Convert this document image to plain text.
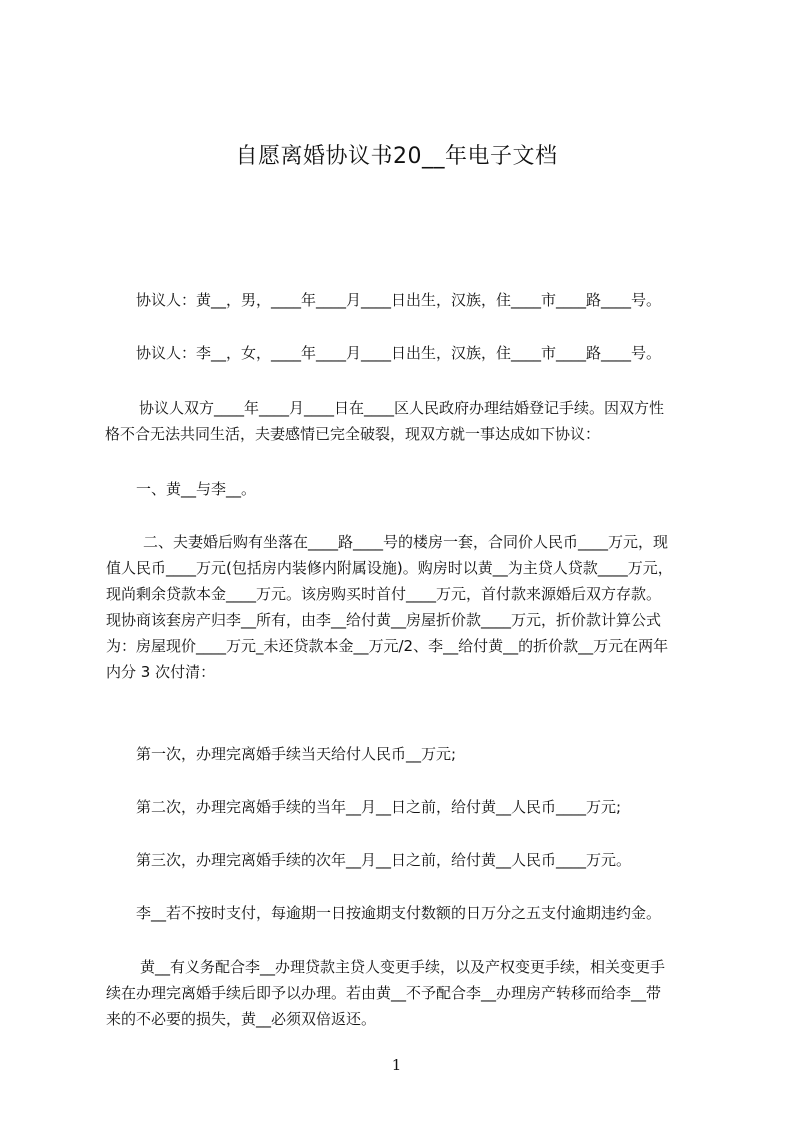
自愿离婚协议书20__年电子文档
协议人：黄__，男，____年____月____日出生，汉族，住____市____路____号。
协议人：李__，女，____年____月____日出生，汉族，住____市____路____号。
协议人双方____年____月____日在____区人民政府办理结婚登记手续。因双方性
格不合无法共同生活，夫妻感情已完全破裂，现双方就一事达成如下协议：
一、黄__与李__。
二、夫妻婚后购有坐落在____路____号的楼房一套，合同价人民币____万元，现
值人民币____万元(包括房内装修内附属设施)。购房时以黄__为主贷人贷款____万元，
现尚剩余贷款本金____万元。该房购买时首付____万元，首付款来源婚后双方存款。
现协商该套房产归李__所有，由李__给付黄__房屋折价款____万元，折价款计算公式
为：房屋现价____万元_未还贷款本金__万元/2、李__给付黄__的折价款__万元在两年
内分 3 次付清：
第一次，办理完离婚手续当天给付人民币__万元;
第二次，办理完离婚手续的当年__月__日之前，给付黄__人民币____万元;
第三次，办理完离婚手续的次年__月__日之前，给付黄__人民币____万元。
李__若不按时支付，每逾期一日按逾期支付数额的日万分之五支付逾期违约金。
黄__有义务配合李__办理贷款主贷人变更手续，以及产权变更手续，相关变更手
续在办理完离婚手续后即予以办理。若由黄__不予配合李__办理房产转移而给李__带
来的不必要的损失，黄__必须双倍返还。
1
